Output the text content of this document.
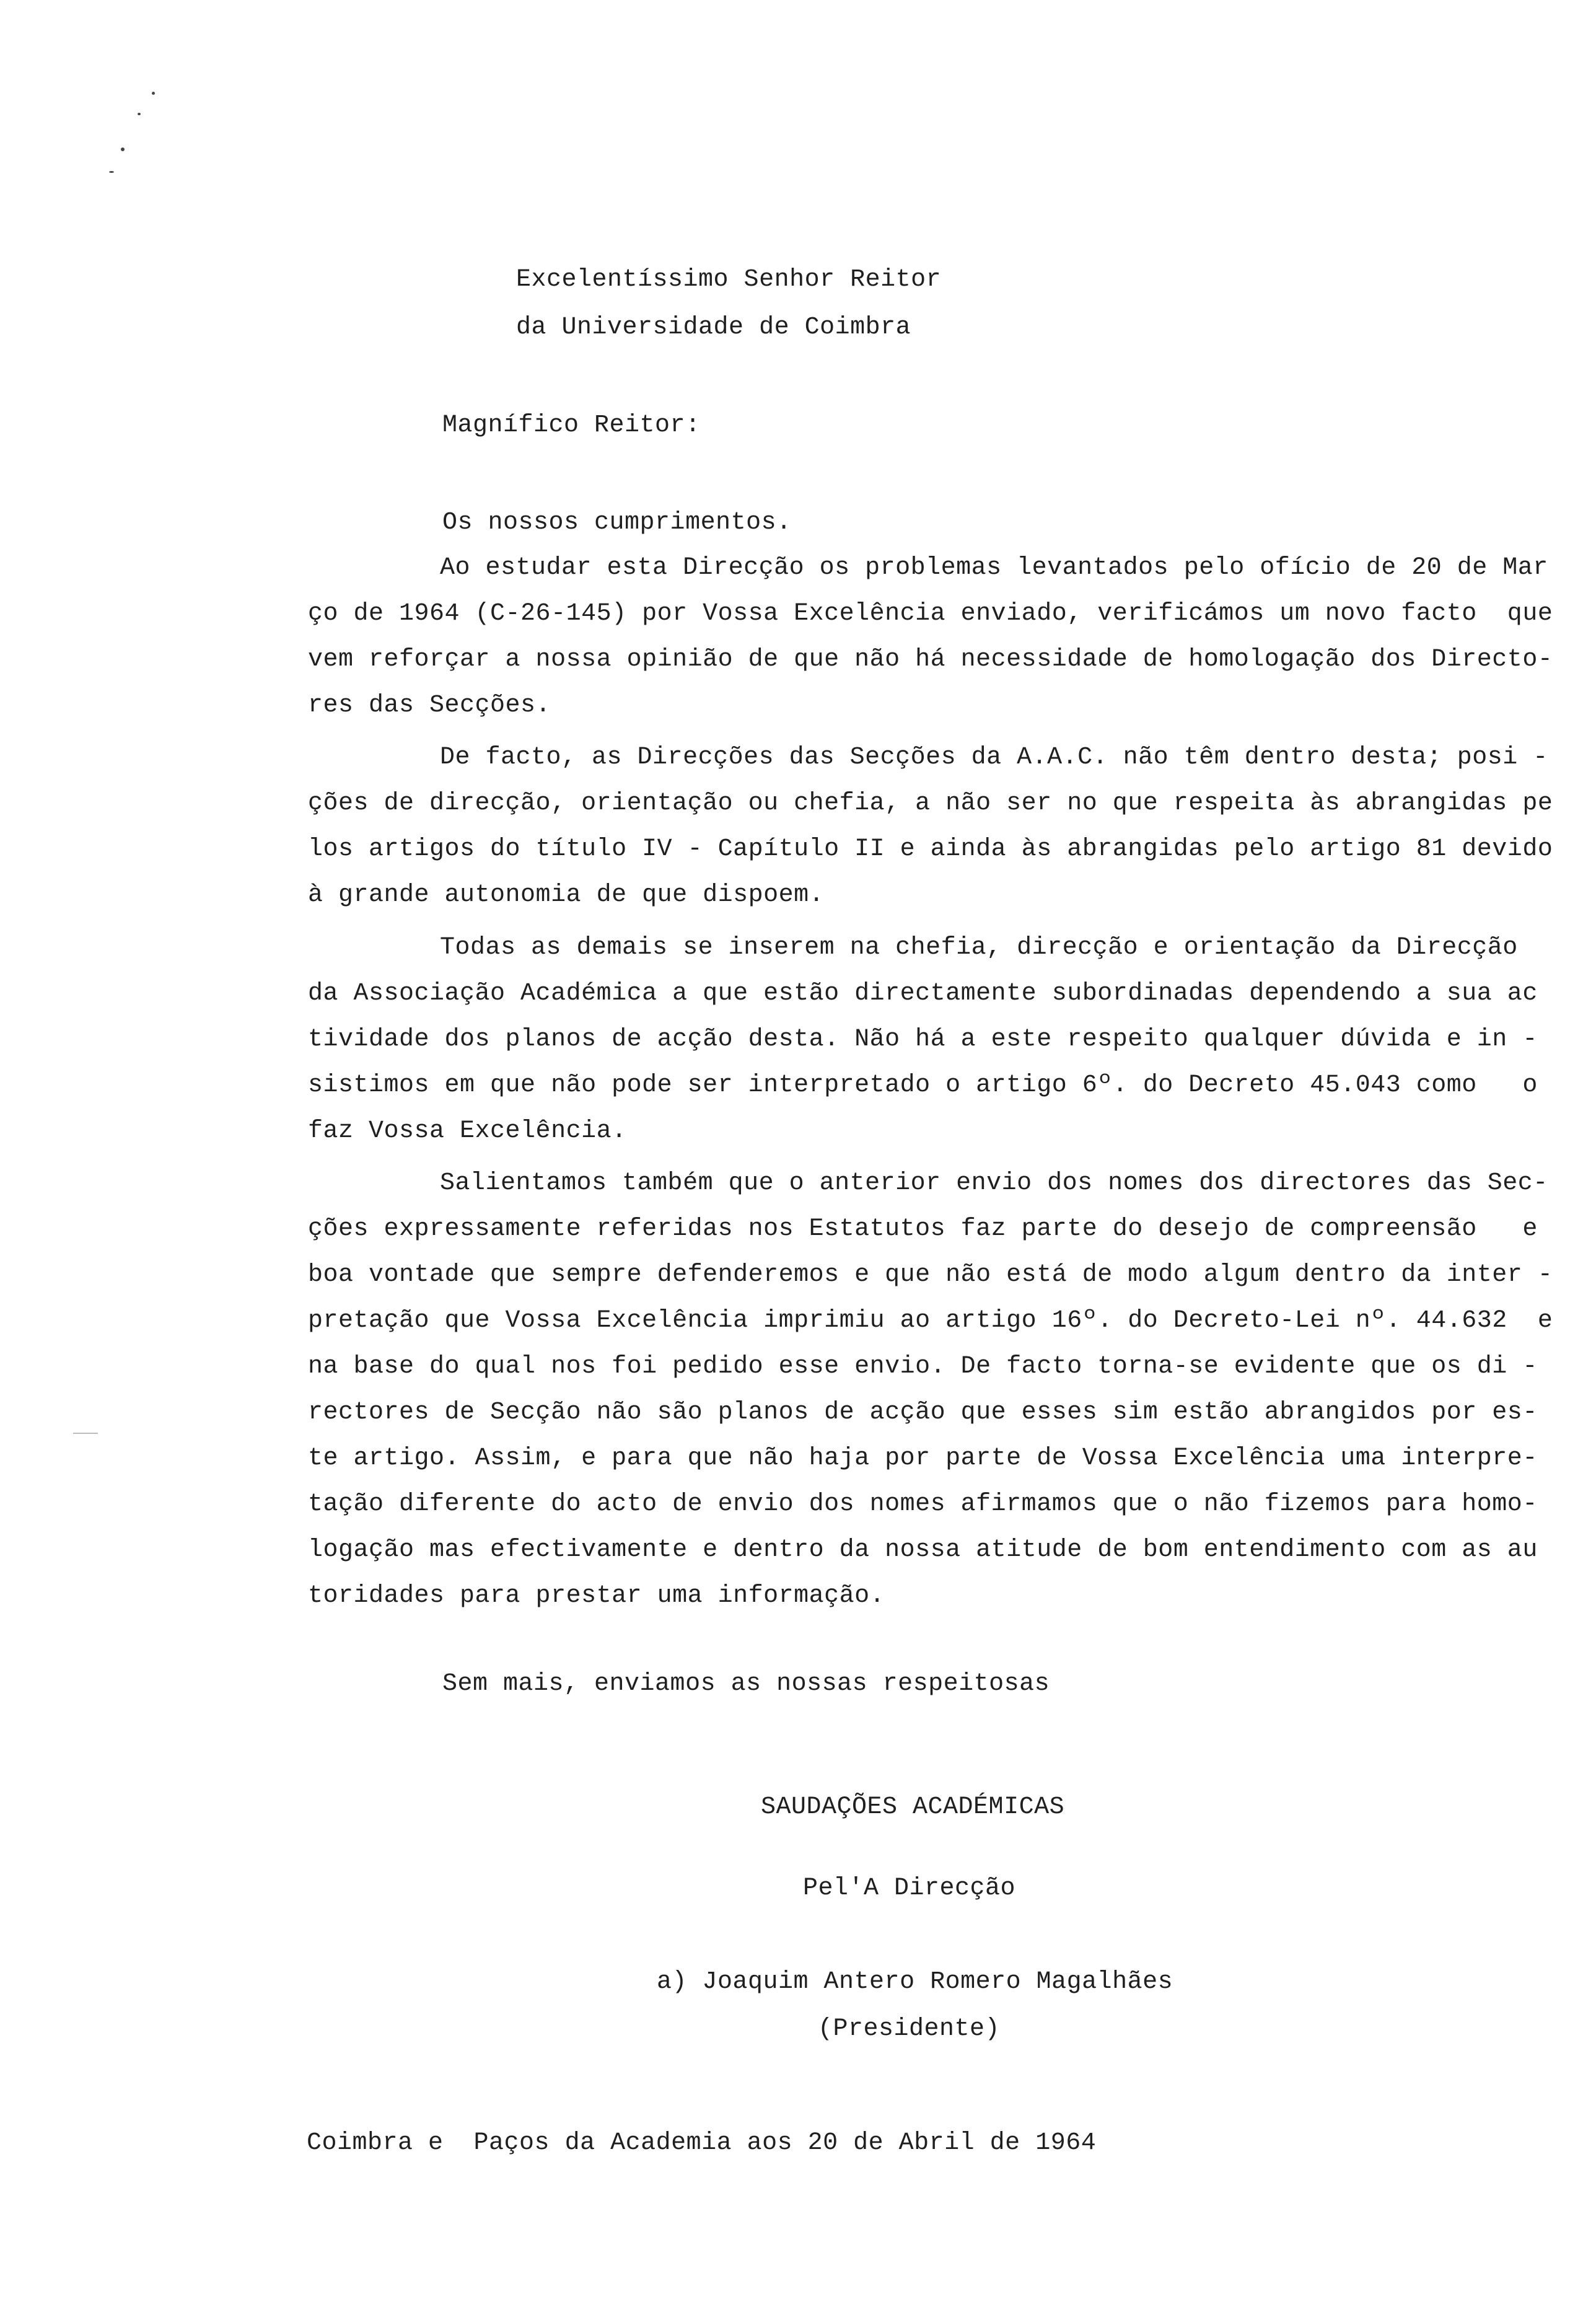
Excelentíssimo Senhor Reitor
da Universidade de Coimbra
Magnífico Reitor:
Os nossos cumprimentos.
Ao estudar esta Direcção os problemas levantados pelo ofício de 20 de Mar
ço de 1964 (C-26-145) por Vossa Excelência enviado, verificámos um novo facto  que
vem reforçar a nossa opinião de que não há necessidade de homologação dos Directo-
res das Secções.
De facto, as Direcções das Secções da A.A.C. não têm dentro desta; posi -
ções de direcção, orientação ou chefia, a não ser no que respeita às abrangidas pe
los artigos do título IV - Capítulo II e ainda às abrangidas pelo artigo 81 devido
à grande autonomia de que dispoem.
Todas as demais se inserem na chefia, direcção e orientação da Direcção
da Associação Académica a que estão directamente subordinadas dependendo a sua ac
tividade dos planos de acção desta. Não há a este respeito qualquer dúvida e in -
sistimos em que não pode ser interpretado o artigo 6º. do Decreto 45.043 como   o
faz Vossa Excelência.
Salientamos também que o anterior envio dos nomes dos directores das Sec-
ções expressamente referidas nos Estatutos faz parte do desejo de compreensão   e
boa vontade que sempre defenderemos e que não está de modo algum dentro da inter -
pretação que Vossa Excelência imprimiu ao artigo 16º. do Decreto-Lei nº. 44.632  e
na base do qual nos foi pedido esse envio. De facto torna-se evidente que os di -
rectores de Secção não são planos de acção que esses sim estão abrangidos por es-
te artigo. Assim, e para que não haja por parte de Vossa Excelência uma interpre-
tação diferente do acto de envio dos nomes afirmamos que o não fizemos para homo-
logação mas efectivamente e dentro da nossa atitude de bom entendimento com as au
toridades para prestar uma informação.
Sem mais, enviamos as nossas respeitosas
SAUDAÇÕES ACADÉMICAS
Pel'A Direcção
a) Joaquim Antero Romero Magalhães
(Presidente)
Coimbra e  Paços da Academia aos 20 de Abril de 1964
